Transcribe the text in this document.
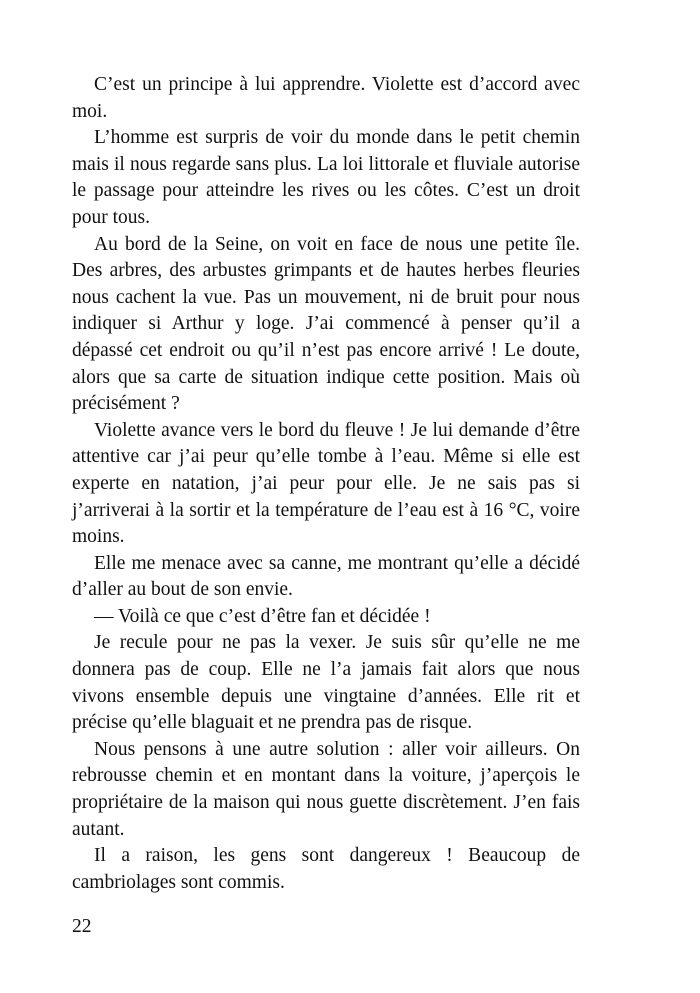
C’est un principe à lui apprendre. Violette est d’accord avec moi.

L’homme est surpris de voir du monde dans le petit chemin mais il nous regarde sans plus. La loi littorale et fluviale autorise le passage pour atteindre les rives ou les côtes. C’est un droit pour tous.

Au bord de la Seine, on voit en face de nous une petite île. Des arbres, des arbustes grimpants et de hautes herbes fleuries nous cachent la vue. Pas un mouvement, ni de bruit pour nous indiquer si Arthur y loge. J’ai commencé à penser qu’il a dépassé cet endroit ou qu’il n’est pas encore arrivé ! Le doute, alors que sa carte de situation indique cette position. Mais où précisément ?

Violette avance vers le bord du fleuve ! Je lui demande d’être attentive car j’ai peur qu’elle tombe à l’eau. Même si elle est experte en natation, j’ai peur pour elle. Je ne sais pas si j’arriverai à la sortir et la température de l’eau est à 16 °C, voire moins.

Elle me menace avec sa canne, me montrant qu’elle a décidé d’aller au bout de son envie.

— Voilà ce que c’est d’être fan et décidée !

Je recule pour ne pas la vexer. Je suis sûr qu’elle ne me donnera pas de coup. Elle ne l’a jamais fait alors que nous vivons ensemble depuis une vingtaine d’années. Elle rit et précise qu’elle blaguait et ne prendra pas de risque.

Nous pensons à une autre solution : aller voir ailleurs. On rebrousse chemin et en montant dans la voiture, j’aperçois le propriétaire de la maison qui nous guette discrètement. J’en fais autant.

Il a raison, les gens sont dangereux ! Beaucoup de cambriolages sont commis.

22
